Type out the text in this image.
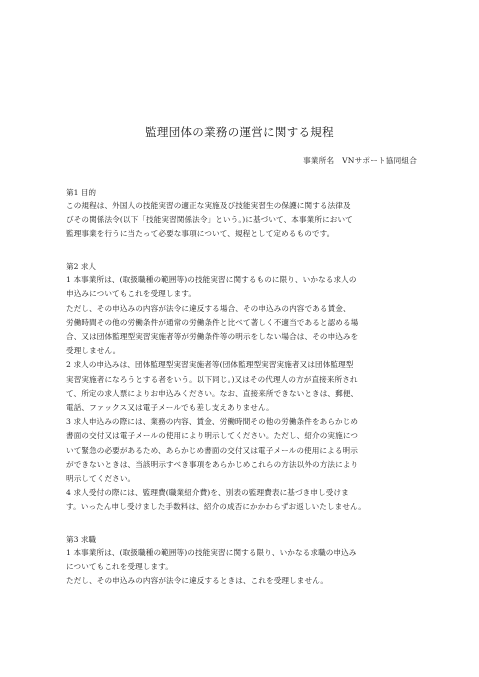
監理団体の業務の運営に関する規程
事業所名　VNサポート協同組合
第1 目的
この規程は、外国人の技能実習の適正な実施及び技能実習生の保護に関する法律及
びその関係法令(以下「技能実習関係法令」という。)に基づいて、本事業所において
監理事業を行うに当たって必要な事項について、規程として定めるものです。
第2 求人
1 本事業所は、(取扱職種の範囲等)の技能実習に関するものに限り、いかなる求人の
申込みについてもこれを受理します。
ただし、その申込みの内容が法令に違反する場合、その申込みの内容である賃金、
労働時間その他の労働条件が通常の労働条件と比べて著しく不適当であると認める場
合、又は団体監理型実習実施者等が労働条件等の明示をしない場合は、その申込みを
受理しません。
2 求人の申込みは、団体監理型実習実施者等(団体監理型実習実施者又は団体監理型
実習実施者になろうとする者をいう。以下同じ。)又はその代理人の方が直接来所され
て、所定の求人票によりお申込みください。なお、直接来所できないときは、郵便、
電話、ファックス又は電子メールでも差し支えありません。
3 求人申込みの際には、業務の内容、賃金、労働時間その他の労働条件をあらかじめ
書面の交付又は電子メールの使用により明示してください。ただし、紹介の実施につ
いて緊急の必要があるため、あらかじめ書面の交付又は電子メールの使用による明示
ができないときは、当該明示すべき事項をあらかじめこれらの方法以外の方法により
明示してください。
4 求人受付の際には、監理費(職業紹介費)を、別表の監理費表に基づき申し受けま
す。いったん申し受けました手数料は、紹介の成否にかかわらずお返しいたしません。
第3 求職
1 本事業所は、(取扱職種の範囲等)の技能実習に関する限り、いかなる求職の申込み
についてもこれを受理します。
ただし、その申込みの内容が法令に違反するときは、これを受理しません。
